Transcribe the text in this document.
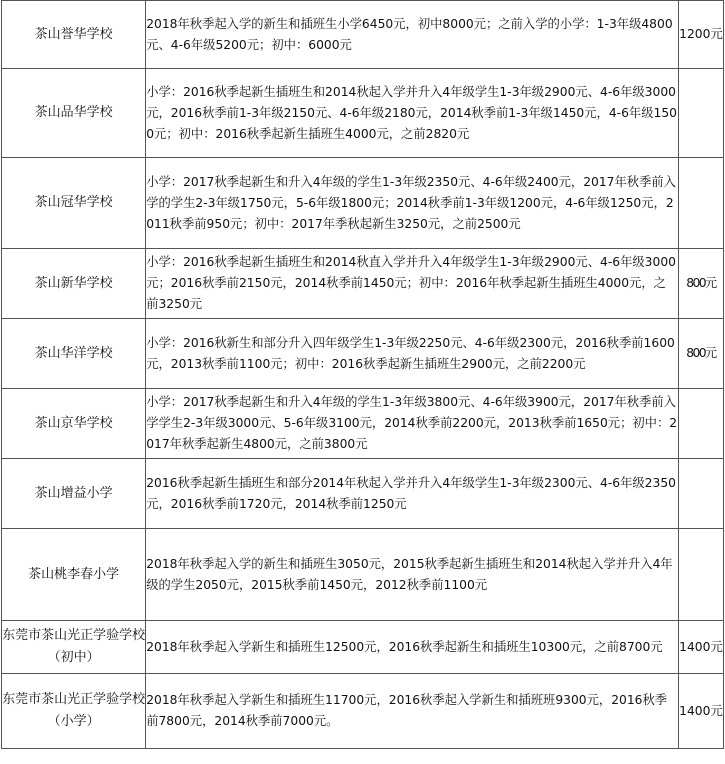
茶山誉华学校	2018年秋季起入学的新生和插班生小学6450元，初中8000元；之前入学的小学：1-3年级4800元、4-6年级5200元；初中：6000元	1200元
茶山品华学校	小学：2016秋季起新生插班生和2014秋起入学并升入4年级学生1-3年级2900元、4-6年级3000元，2016秋季前1-3年级2150元、4-6年级2180元，2014秋季前1-3年级1450元，4-6年级1500元；初中：2016秋季起新生插班生4000元，之前2820元	
茶山冠华学校	小学：2017秋季起新生和升入4年级的学生1-3年级2350元、4-6年级2400元，2017年秋季前入学的学生2-3年级1750元，5-6年级1800元；2014秋季前1-3年级1200元，4-6年级1250元，2011秋季前950元；初中：2017年季秋起新生3250元，之前2500元	
茶山新华学校	小学：2016秋季起新生插班生和2014秋直入学并升入4年级学生1-3年级2900元、4-6年级3000元；2016秋季前2150元，2014秋季前1450元；初中：2016年秋季起新生插班生4000元，之前3250元	800元
茶山华洋学校	小学：2016秋新生和部分升入四年级学生1-3年级2250元、4-6年级2300元，2016秋季前1600元，2013秋季前1100元；初中：2016秋季起新生插班生2900元，之前2200元	800元
茶山京华学校	小学：2017秋季起新生和升入4年级的学生1-3年级3800元、4-6年级3900元，2017年秋季前入学学生2-3年级3000元、5-6年级3100元，2014秋季前2200元，2013秋季前1650元；初中：2017年秋季起新生4800元，之前3800元	
茶山增益小学	2016秋季起新生插班生和部分2014年秋起入学并升入4年级学生1-3年级2300元、4-6年级2350元，2016秋季前1720元，2014秋季前1250元	
茶山桃李春小学	2018年秋季起入学的新生和插班生3050元，2015秋季起新生插班生和2014秋起入学并升入4年级的学生2050元，2015秋季前1450元，2012秋季前1100元	
东莞市茶山光正学验学校（初中）	2018年秋季起入学新生和插班生12500元，2016秋季起新生和插班生10300元，之前8700元	1400元
东莞市茶山光正学验学校（小学）	2018年秋季起入学新生和插班生11700元，2016秋季起入学新生和插班班9300元，2016秋季前7800元，2014秋季前7000元。	1400元
